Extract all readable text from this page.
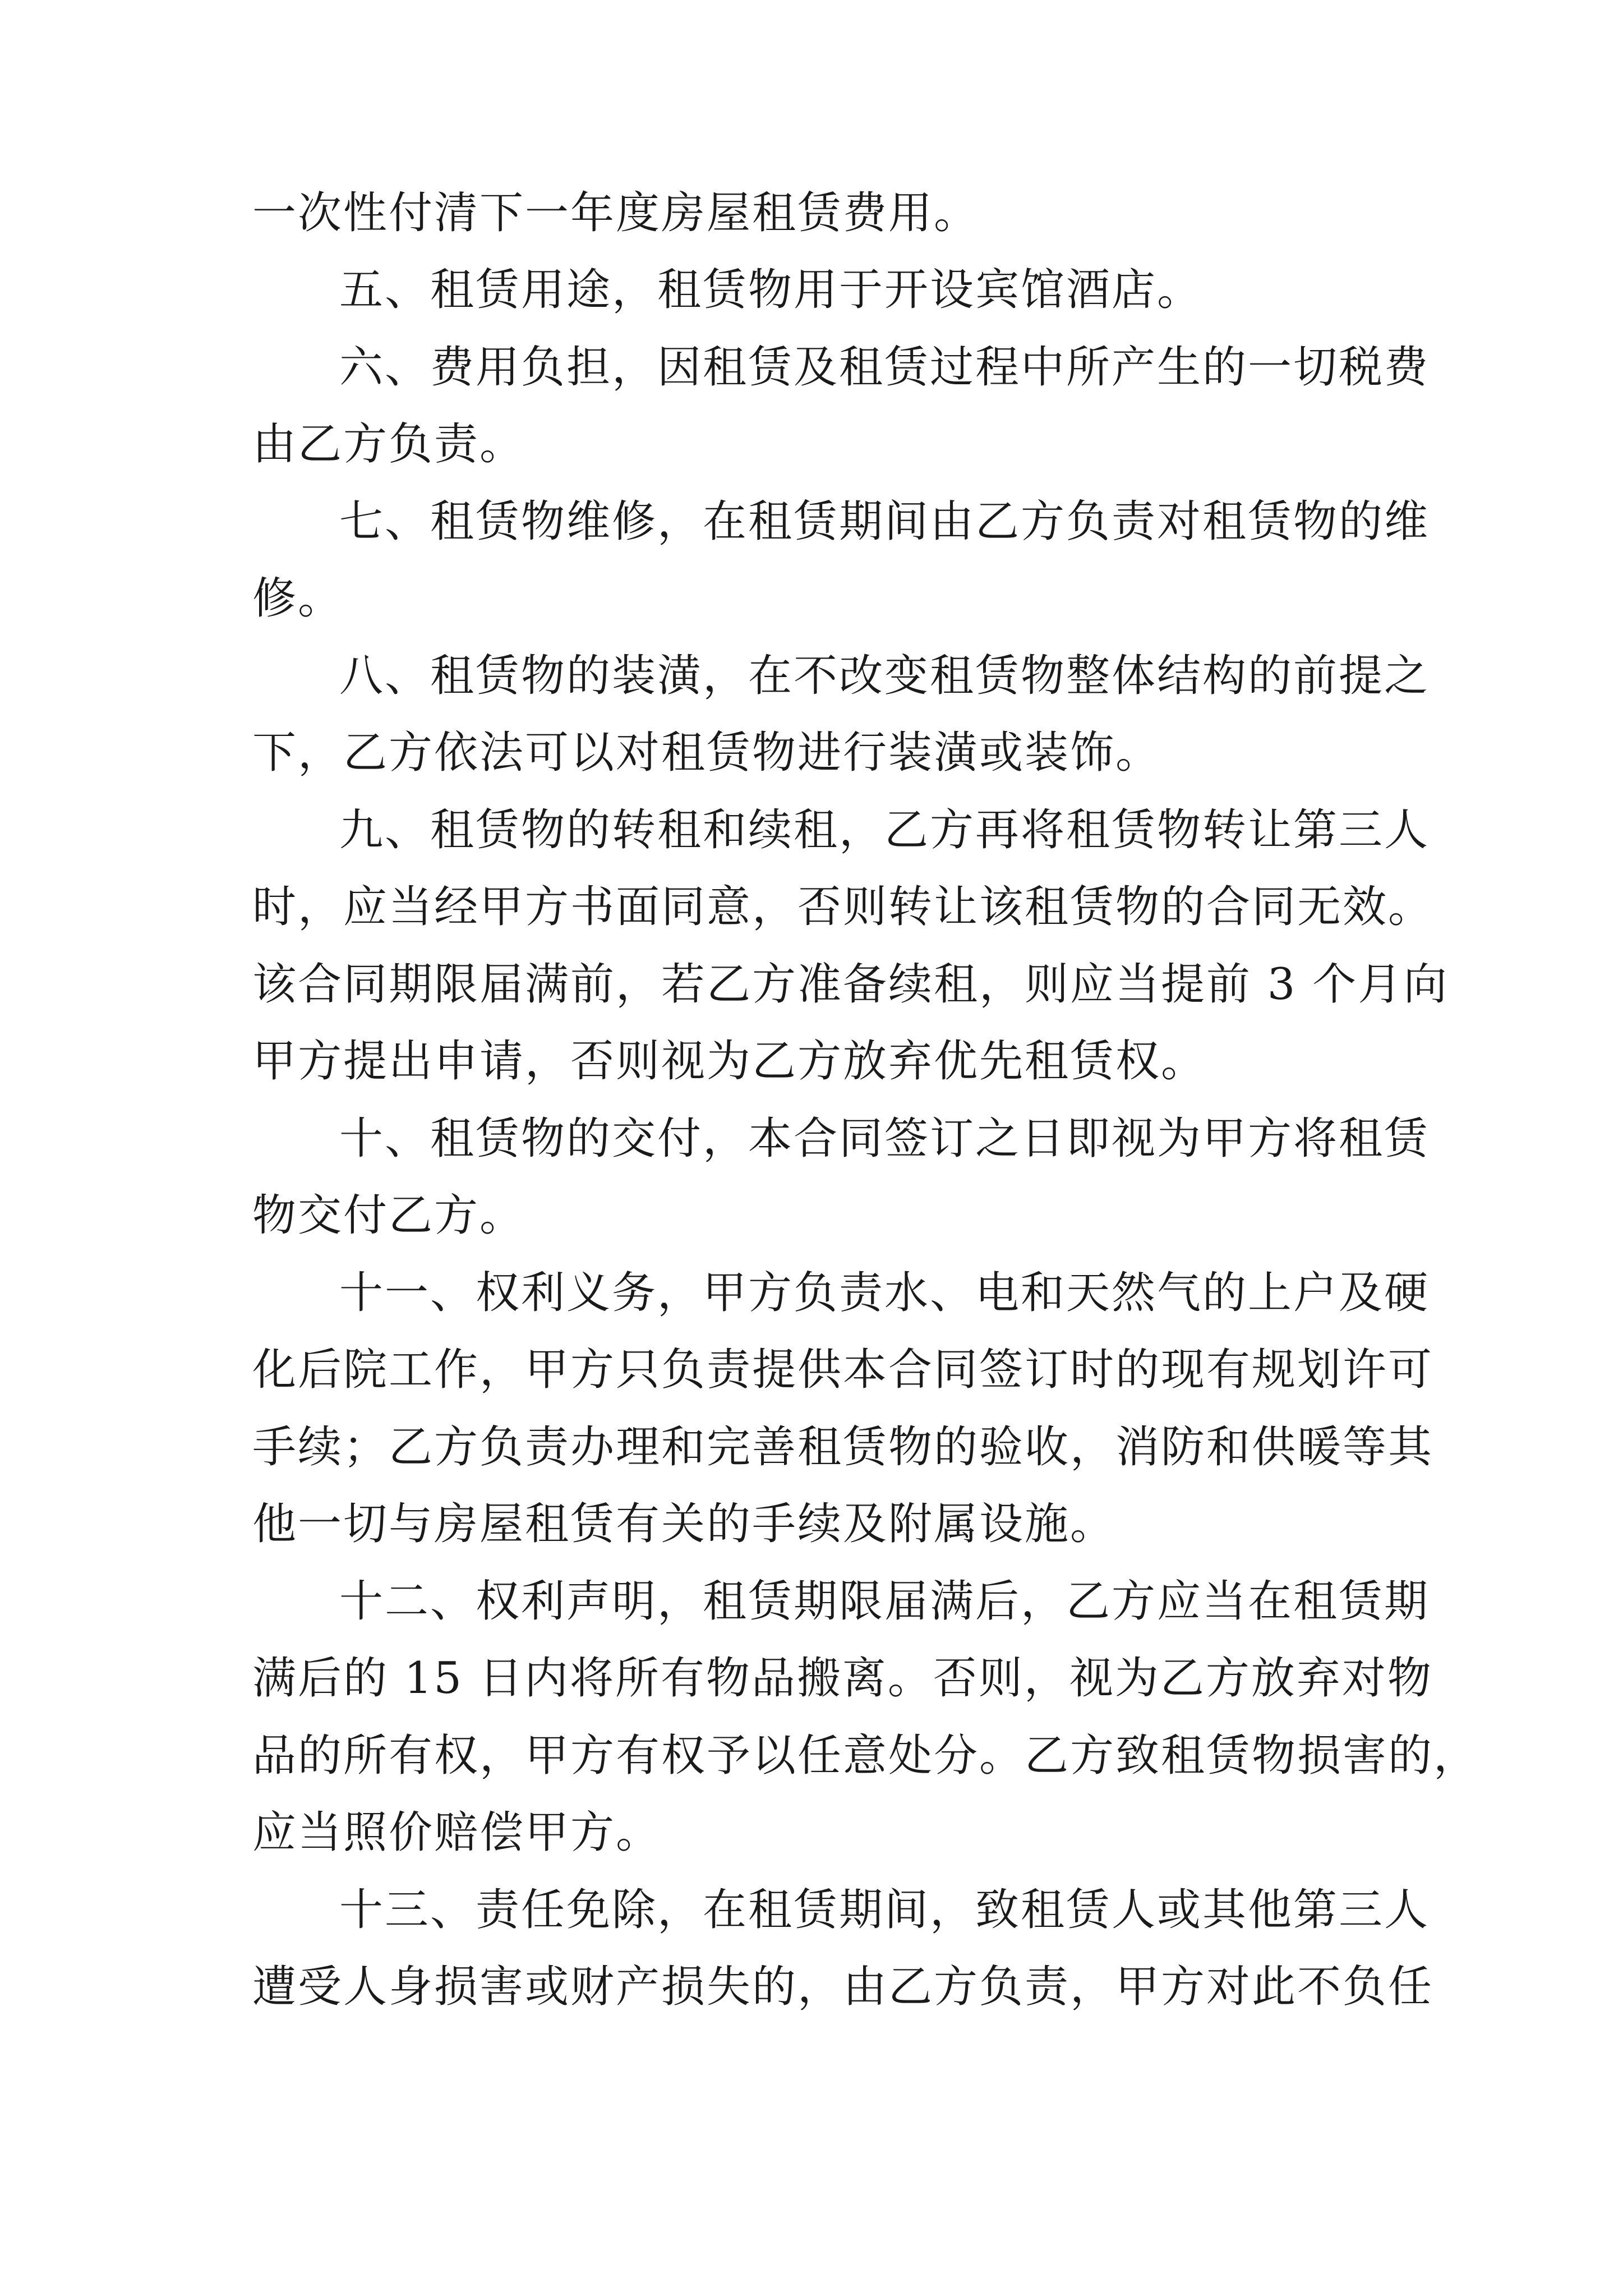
一次性付清下一年度房屋租赁费用。
五、租赁用途，租赁物用于开设宾馆酒店。
六、费用负担，因租赁及租赁过程中所产生的一切税费
由乙方负责。
七、租赁物维修，在租赁期间由乙方负责对租赁物的维
修。
八、租赁物的装潢，在不改变租赁物整体结构的前提之
下，乙方依法可以对租赁物进行装潢或装饰。
九、租赁物的转租和续租，乙方再将租赁物转让第三人
时，应当经甲方书面同意，否则转让该租赁物的合同无效。
该合同期限届满前，若乙方准备续租，则应当提前 3 个月向
甲方提出申请，否则视为乙方放弃优先租赁权。
十、租赁物的交付，本合同签订之日即视为甲方将租赁
物交付乙方。
十一、权利义务，甲方负责水、电和天然气的上户及硬
化后院工作，甲方只负责提供本合同签订时的现有规划许可
手续；乙方负责办理和完善租赁物的验收，消防和供暖等其
他一切与房屋租赁有关的手续及附属设施。
十二、权利声明，租赁期限届满后，乙方应当在租赁期
满后的 15 日内将所有物品搬离。否则，视为乙方放弃对物
品的所有权，甲方有权予以任意处分。乙方致租赁物损害的，
应当照价赔偿甲方。
十三、责任免除，在租赁期间，致租赁人或其他第三人
遭受人身损害或财产损失的，由乙方负责，甲方对此不负任
